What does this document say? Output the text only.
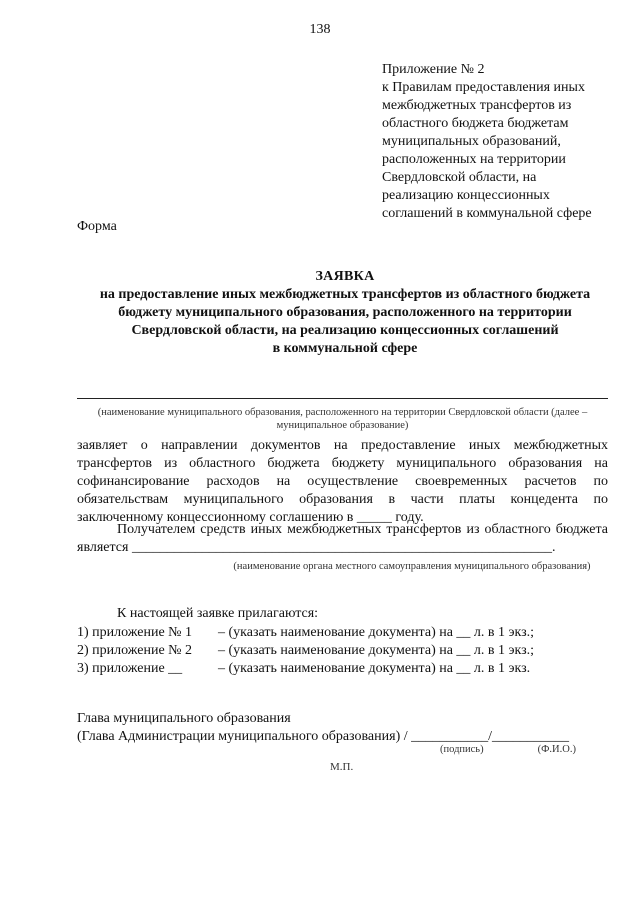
138
Приложение № 2
к Правилам предоставления иных
межбюджетных трансфертов из
областного бюджета бюджетам
муниципальных образований,
расположенных на территории
Свердловской области, на
реализацию концессионных
соглашений в коммунальной сфере
Форма
ЗАЯВКА
на предоставление иных межбюджетных трансфертов из областного бюджета
бюджету муниципального образования, расположенного на территории
Свердловской области, на реализацию концессионных соглашений
в коммунальной сфере
(наименование муниципального образования, расположенного на территории Свердловской области (далее – муниципальное образование)
заявляет о направлении документов на предоставление иных межбюджетных трансфертов из областного бюджета бюджету муниципального образования на софинансирование расходов на осуществление своевременных расчетов по обязательствам муниципального образования в части платы концедента по заключенному концессионному соглашению в _____ году.
Получателем средств иных межбюджетных трансфертов из областного бюджета является ____________________________________________________________.
(наименование органа местного самоуправления муниципального образования)
К настоящей заявке прилагаются:
1) приложение № 1	– (указать наименование документа) на __ л. в 1 экз.;
2) приложение № 2	– (указать наименование документа) на __ л. в 1 экз.;
3) приложение __	– (указать наименование документа) на __ л. в 1 экз.
Глава муниципального образования
(Глава Администрации муниципального образования) / ___________/___________
(подпись)	(Ф.И.О.)
М.П.
